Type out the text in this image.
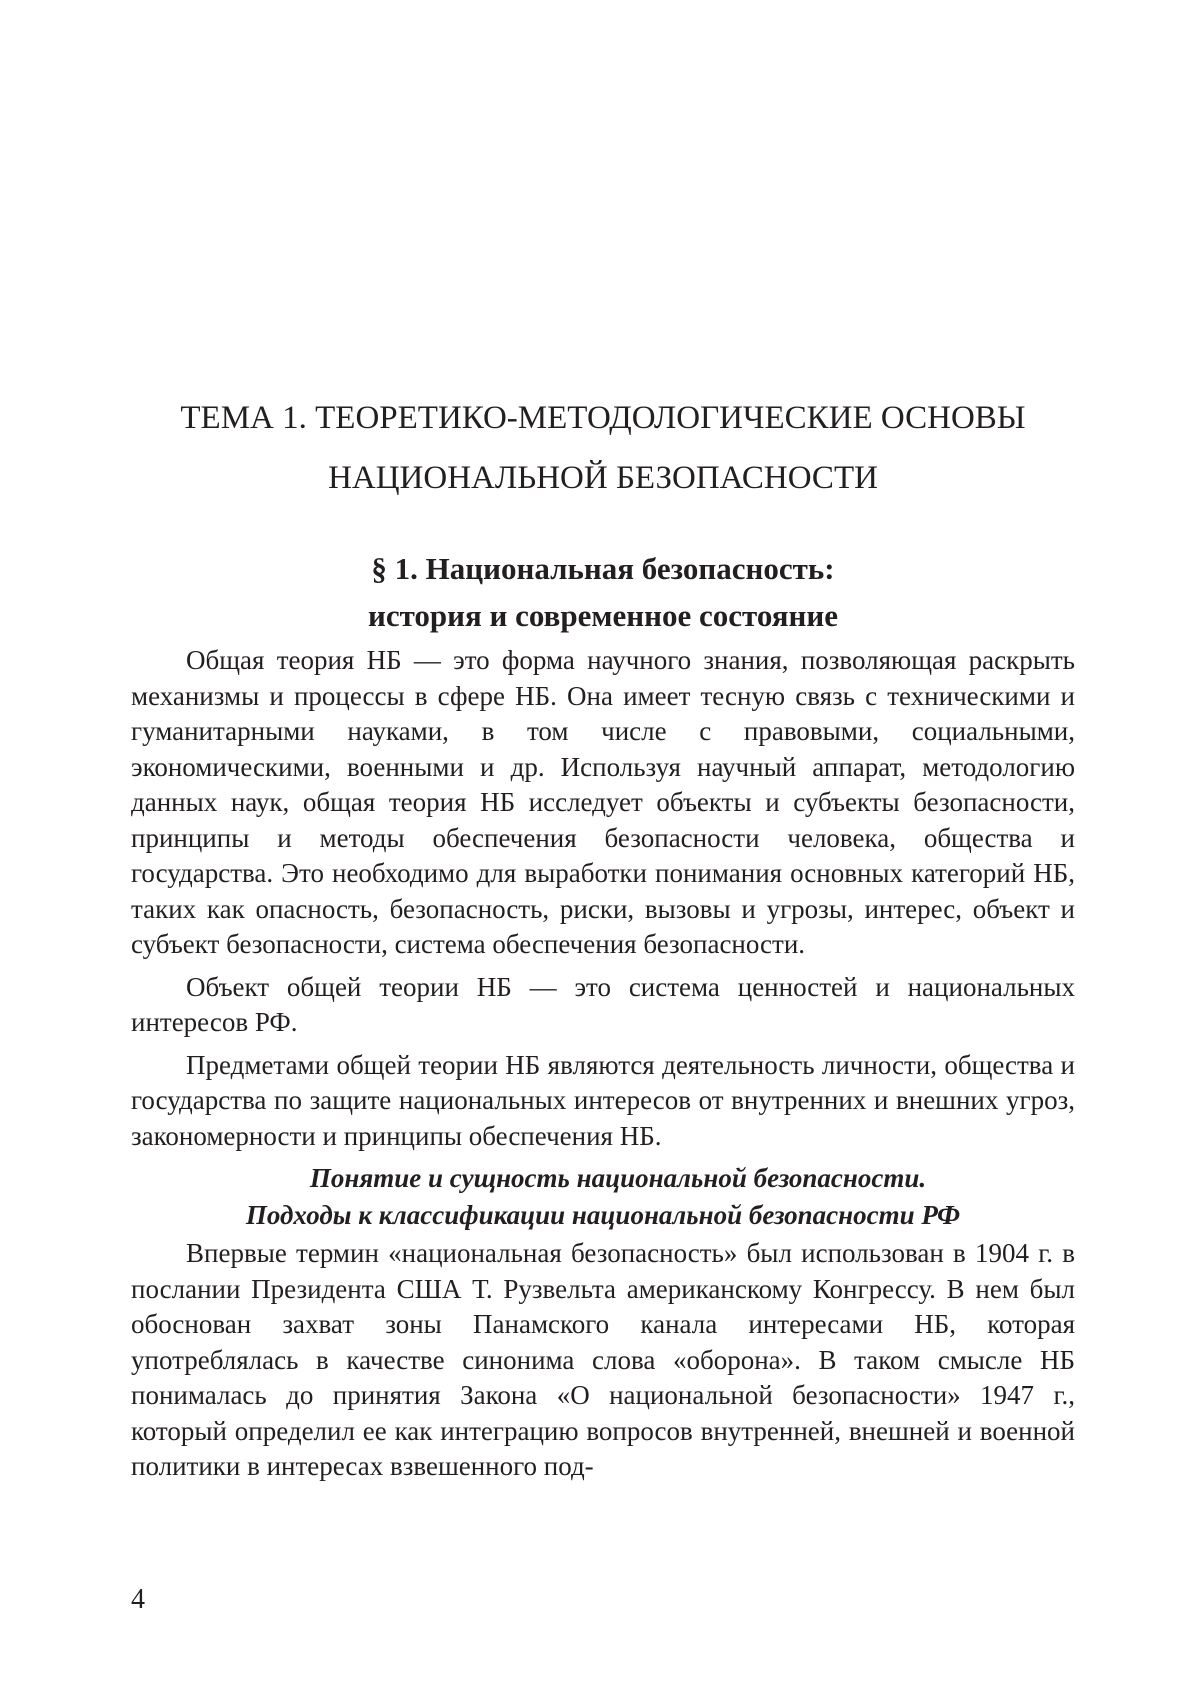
ТЕМА 1. ТЕОРЕТИКО-МЕТОДОЛОГИЧЕСКИЕ ОСНОВЫ
НАЦИОНАЛЬНОЙ БЕЗОПАСНОСТИ
§ 1. Национальная безопасность:
история и современное состояние

Общая теория НБ — это форма научного знания, позволяющая раскрыть механизмы и процессы в сфере НБ. Она имеет тесную связь с техническими и гуманитарными науками, в том числе с правовыми, социальными, экономическими, военными и др. Используя научный аппарат, методологию данных наук, общая теория НБ исследует объекты и субъекты безопасности, принципы и методы обеспечения безопасности человека, общества и государства. Это необходимо для выработки понимания основных категорий НБ, таких как опасность, безопасность, риски, вызовы и угрозы, интерес, объект и субъект безопасности, система обеспечения безопасности.

Объект общей теории НБ — это система ценностей и национальных интересов РФ.

Предметами общей теории НБ являются деятельность личности, общества и государства по защите национальных интересов от внутренних и внешних угроз, закономерности и принципы обеспечения НБ.

Понятие и сущность национальной безопасности.
Подходы к классификации национальной безопасности РФ

Впервые термин «национальная безопасность» был использован в 1904 г. в послании Президента США Т. Рузвельта американскому Конгрессу. В нем был обоснован захват зоны Панамского канала интересами НБ, которая употреблялась в качестве синонима слова «оборона». В таком смысле НБ понималась до принятия Закона «О национальной безопасности» 1947 г., который определил ее как интеграцию вопросов внутренней, внешней и военной политики в интересах взвешенного под-

4
